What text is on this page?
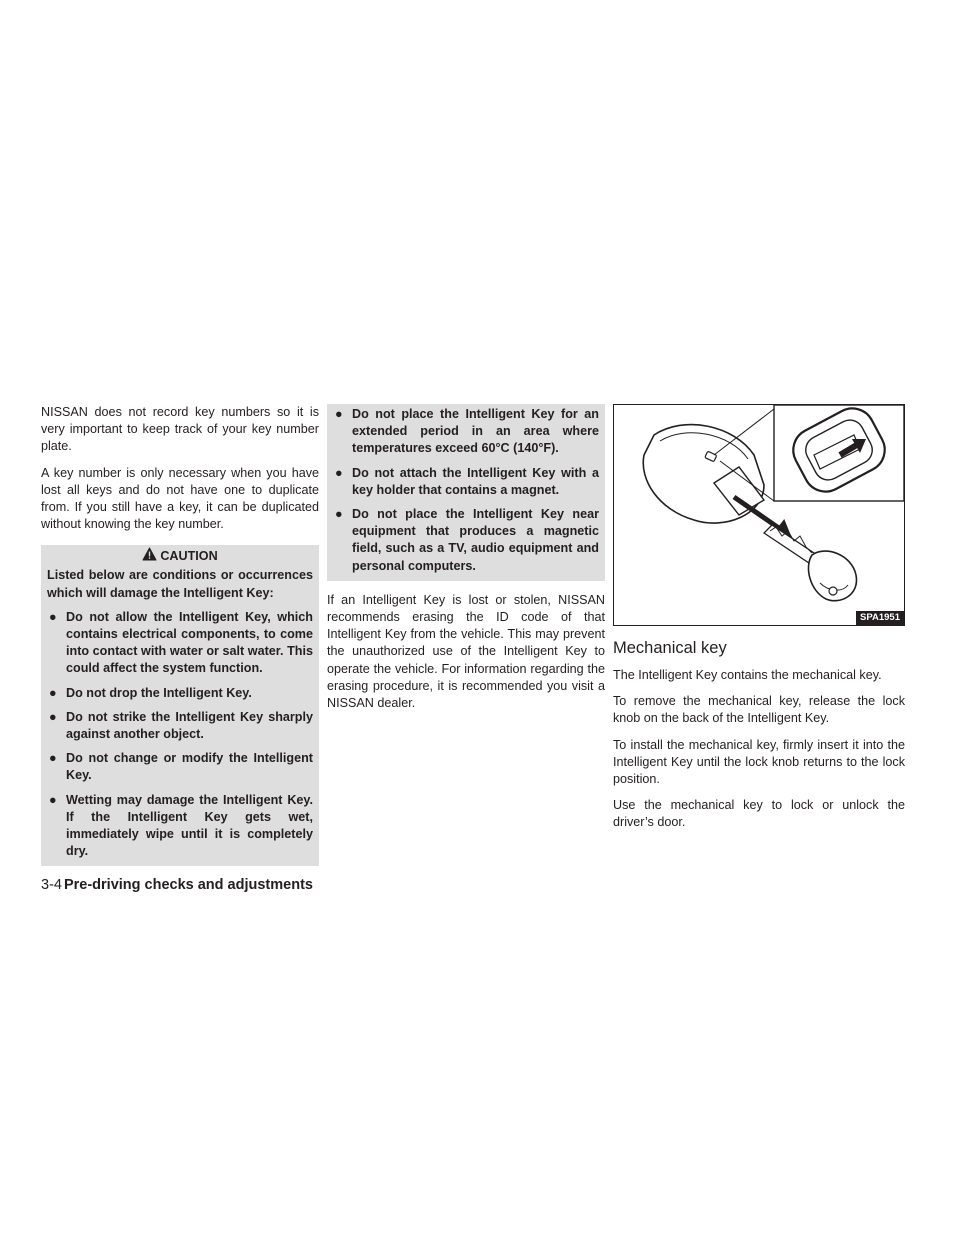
NISSAN does not record key numbers so it is very important to keep track of your key number plate.

A key number is only necessary when you have lost all keys and do not have one to duplicate from. If you still have a key, it can be duplicated without knowing the key number.

CAUTION

Listed below are conditions or occurrences which will damage the Intelligent Key:

● Do not allow the Intelligent Key, which contains electrical components, to come into contact with water or salt water. This could affect the system function.
● Do not drop the Intelligent Key.
● Do not strike the Intelligent Key sharply against another object.
● Do not change or modify the Intelligent Key.
● Wetting may damage the Intelligent Key. If the Intelligent Key gets wet, immediately wipe until it is completely dry.
● Do not place the Intelligent Key for an extended period in an area where temperatures exceed 60°C (140°F).
● Do not attach the Intelligent Key with a key holder that contains a magnet.
● Do not place the Intelligent Key near equipment that produces a magnetic field, such as a TV, audio equipment and personal computers.

If an Intelligent Key is lost or stolen, NISSAN recommends erasing the ID code of that Intelligent Key from the vehicle. This may prevent the unauthorized use of the Intelligent Key to operate the vehicle. For information regarding the erasing procedure, it is recommended you visit a NISSAN dealer.

SPA1951
Mechanical key

The Intelligent Key contains the mechanical key.

To remove the mechanical key, release the lock knob on the back of the Intelligent Key.

To install the mechanical key, firmly insert it into the Intelligent Key until the lock knob returns to the lock position.

Use the mechanical key to lock or unlock the driver’s door.

3-4 Pre-driving checks and adjustments
